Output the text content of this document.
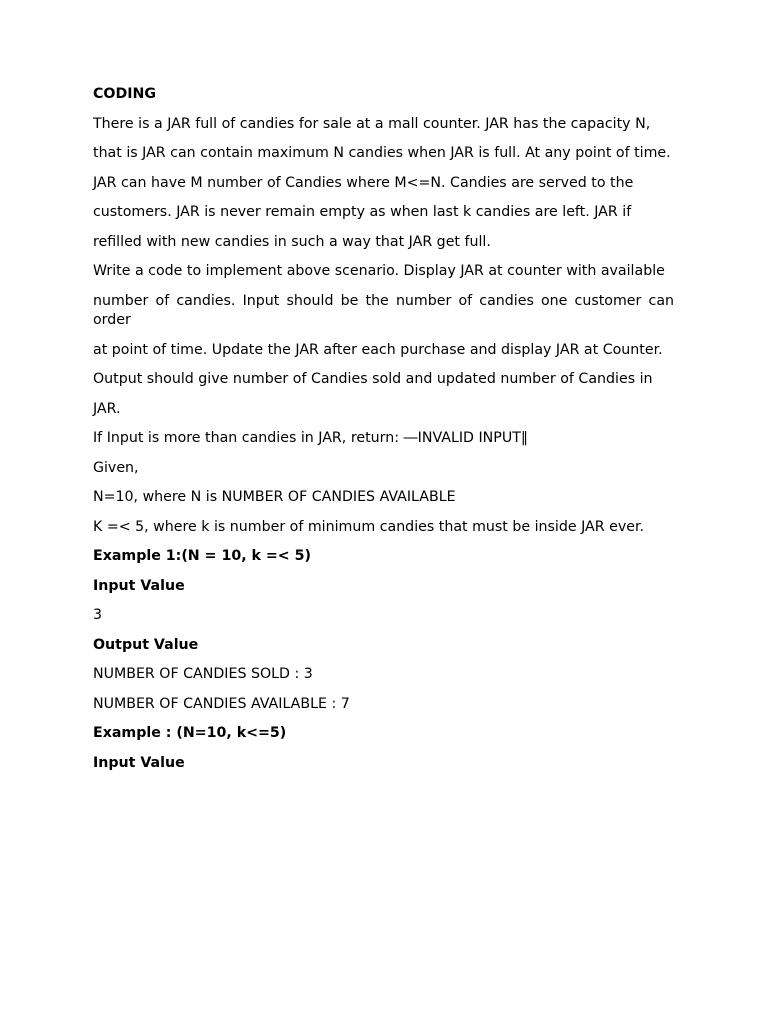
CODING

There is a JAR full of candies for sale at a mall counter. JAR has the capacity N,

that is JAR can contain maximum N candies when JAR is full. At any point of time.

JAR can have M number of Candies where M<=N. Candies are served to the

customers. JAR is never remain empty as when last k candies are left. JAR if

refilled with new candies in such a way that JAR get full.

Write a code to implement above scenario. Display JAR at counter with available

number of candies. Input should be the number of candies one customer can order

at point of time. Update the JAR after each purchase and display JAR at Counter.

Output should give number of Candies sold and updated number of Candies in

JAR.

If Input is more than candies in JAR, return: ―INVALID INPUT‖

Given,

N=10, where N is NUMBER OF CANDIES AVAILABLE

K =< 5, where k is number of minimum candies that must be inside JAR ever.

Example 1:(N = 10, k =< 5)

Input Value

3

Output Value

NUMBER OF CANDIES SOLD : 3

NUMBER OF CANDIES AVAILABLE : 7

Example : (N=10, k<=5)

Input Value
